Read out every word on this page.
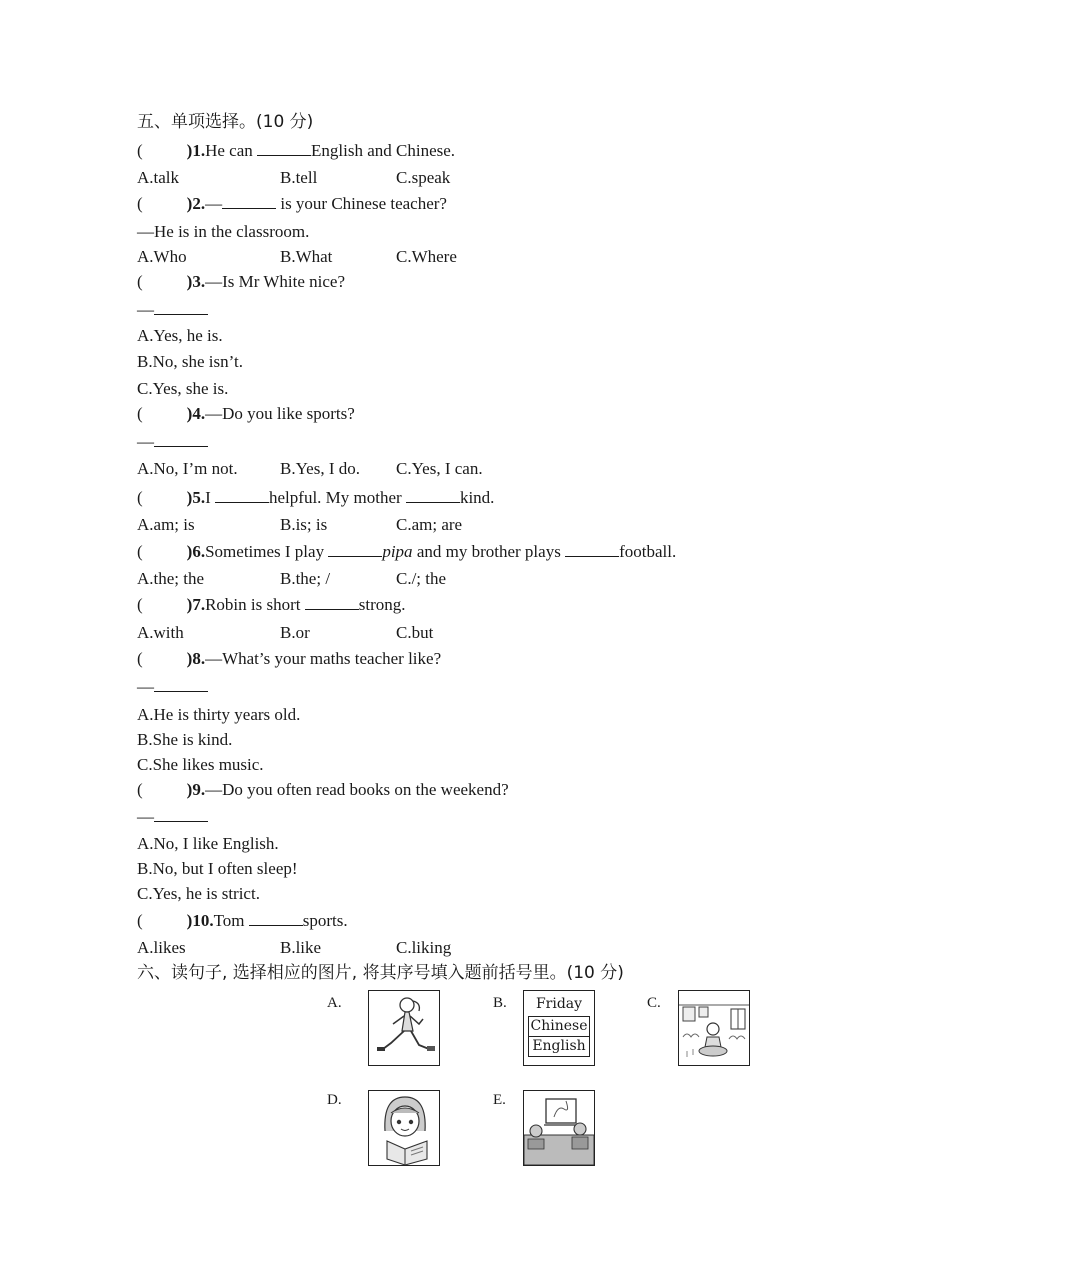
五、单项选择。(10 分)
(	)1.He can	English and Chinese.
A.talk	B.tell	C.speak
(	)2.—	is your Chinese teacher?
—He is in the classroom.
A.Who	B.What	C.Where
(	)3.—Is Mr White nice?
—
A.Yes, he is.
B.No, she isn’t.
C.Yes, she is.
(	)4.—Do you like sports?
—
A.No, I’m not. B.Yes, I do. C.Yes, I can.
(	)5.I	helpful. My mother	kind.
A.am; is	B.is; is	C.am; are
(	)6.Sometimes I play	pipa and my brother plays	football.
A.the; the	B.the; /	C./; the
(	)7.Robin is short	strong.
A.with	B.or	C.but
(	)8.—What’s your maths teacher like?
—
A.He is thirty years old.
B.She is kind.
C.She likes music.
(	)9.—Do you often read books on the weekend?
—
A.No, I like English.
B.No, but I often sleep!
C.Yes, he is strict.
(	)10.Tom	sports.
A.likes	B.like	C.liking
六、读句子, 选择相应的图片, 将其序号填入题前括号里。(10 分)
A.	B.	C.
D.	E.
Friday
Chinese
English
